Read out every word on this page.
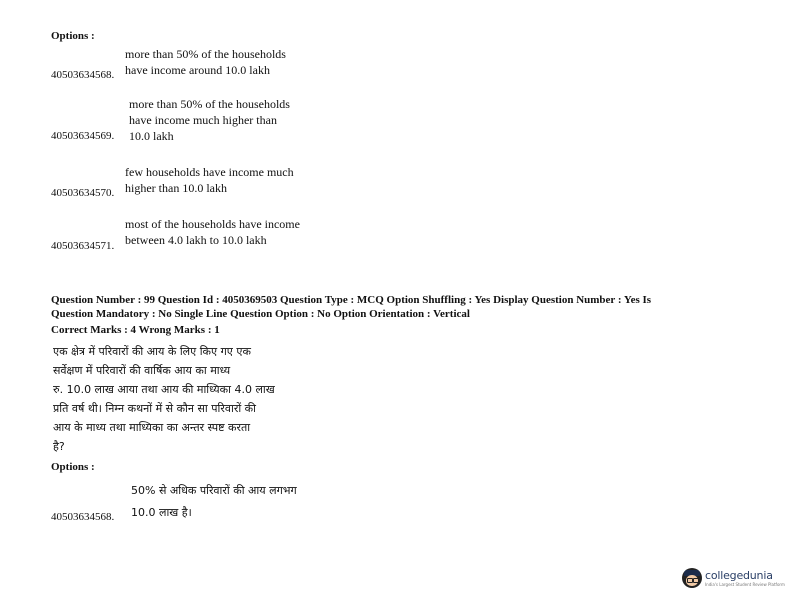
Options :
more than 50% of the households
have income around 10.0 lakh
40503634568.
more than 50% of the households
have income much higher than
10.0 lakh
40503634569.
few households have income much
higher than 10.0 lakh
40503634570.
most of the households have income
between 4.0 lakh to 10.0 lakh
40503634571.
Question Number : 99 Question Id : 4050369503 Question Type : MCQ Option Shuffling : Yes Display Question Number : Yes Is
Question Mandatory : No Single Line Question Option : No Option Orientation : Vertical
Correct Marks : 4 Wrong Marks : 1
एक क्षेत्र में परिवारों की आय के लिए किए गए एक
सर्वेक्षण में परिवारों की वार्षिक आय का माध्य
रु. 10.0 लाख आया तथा आय की माध्यिका 4.0 लाख
प्रति वर्ष थी। निम्न कथनों में से कौन सा परिवारों की
आय के माध्य तथा माध्यिका का अन्तर स्पष्ट करता
है?
Options :
50% से अधिक परिवारों की आय लगभग
10.0 लाख है।
40503634568.
collegedunia
India's Largest Student Review Platform
